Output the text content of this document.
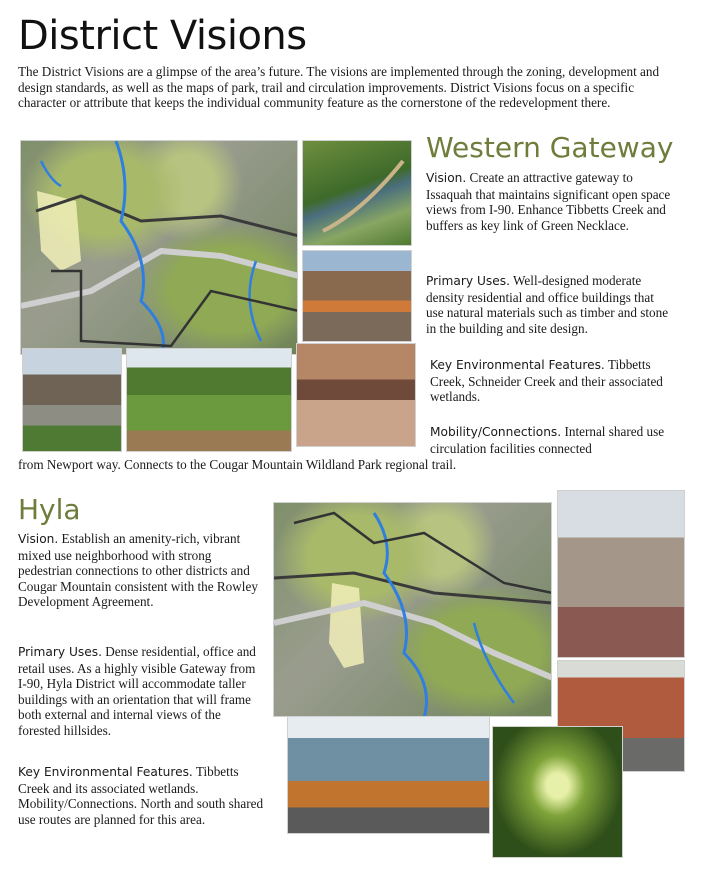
District Visions
The District Visions are a glimpse of the area’s future. The visions are implemented through the zoning, development and design standards, as well as the maps of park, trail and circulation improvements. District Visions focus on a specific character or attribute that keeps the individual community feature as the cornerstone of the redevelopment there.
Western Gateway
Vision. Create an attractive gateway to Issaquah that maintains significant open space views from I-90. Enhance Tibbetts Creek and buffers as key link of Green Necklace.
Primary Uses. Well-designed moderate density residential and office buildings that use natural materials such as timber and stone in the building and site design.
Key Environmental Features. Tibbetts Creek, Schneider Creek and their associated wetlands.
Mobility/Connections. Internal shared use circulation facilities connected
from Newport way. Connects to the Cougar Mountain Wildland Park regional trail.
Hyla
Vision. Establish an amenity-rich, vibrant mixed use neighborhood with strong pedestrian connections to other districts and Cougar Mountain consistent with the Rowley Development Agreement.
Primary Uses. Dense residential, office and retail uses. As a highly visible Gateway from I-90, Hyla District will accommodate taller buildings with an orientation that will frame both external and internal views of the forested hillsides.
Key Environmental Features. Tibbetts Creek and its associated wetlands. Mobility/Connections. North and south shared use routes are planned for this area.
